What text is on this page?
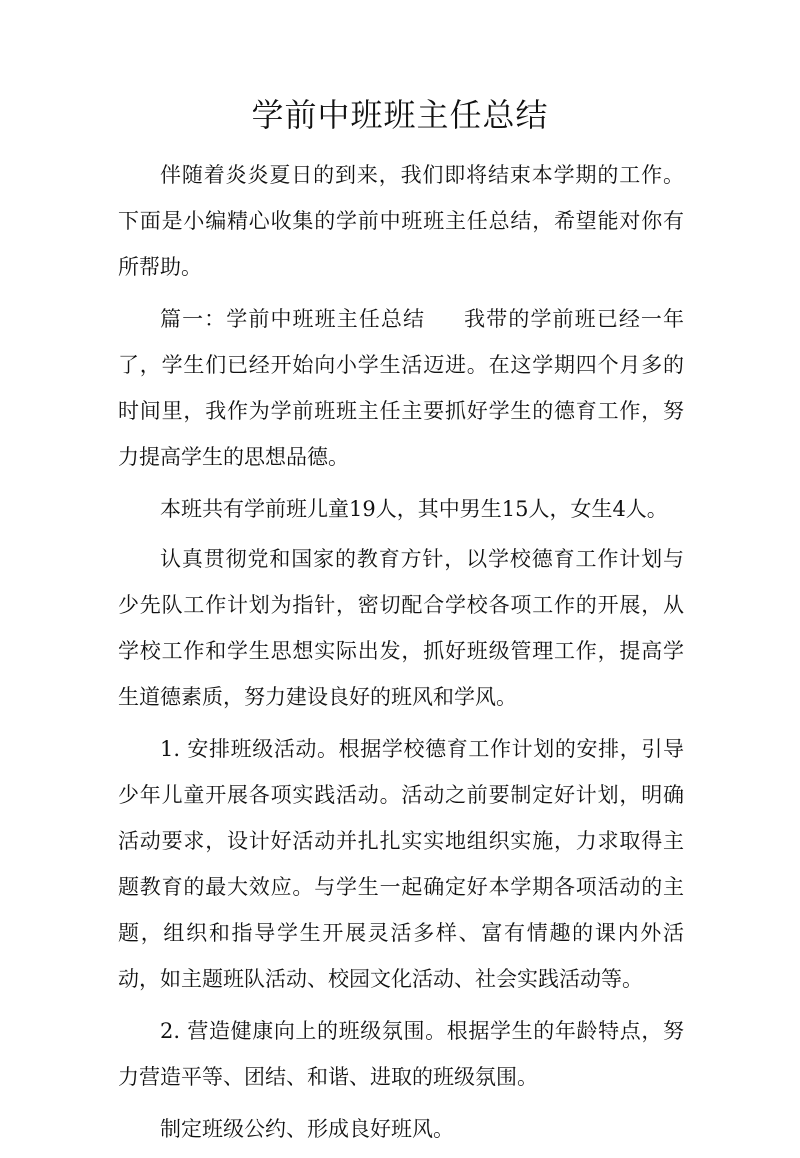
学前中班班主任总结

伴随着炎炎夏日的到来，我们即将结束本学期的工作。下面是小编精心收集的学前中班班主任总结，希望能对你有所帮助。

篇一：学前中班班主任总结 我带的学前班已经一年了，学生们已经开始向小学生活迈进。在这学期四个月多的时间里，我作为学前班班主任主要抓好学生的德育工作，努力提高学生的思想品德。

本班共有学前班儿童19人，其中男生15人，女生4人。

认真贯彻党和国家的教育方针，以学校德育工作计划与少先队工作计划为指针，密切配合学校各项工作的开展，从学校工作和学生思想实际出发，抓好班级管理工作，提高学生道德素质，努力建设良好的班风和学风。

1. 安排班级活动。根据学校德育工作计划的安排，引导少年儿童开展各项实践活动。活动之前要制定好计划，明确活动要求，设计好活动并扎扎实实地组织实施，力求取得主题教育的最大效应。与学生一起确定好本学期各项活动的主题，组织和指导学生开展灵活多样、富有情趣的课内外活动，如主题班队活动、校园文化活动、社会实践活动等。

2. 营造健康向上的班级氛围。根据学生的年龄特点，努力营造平等、团结、和谐、进取的班级氛围。

制定班级公约、形成良好班风。
